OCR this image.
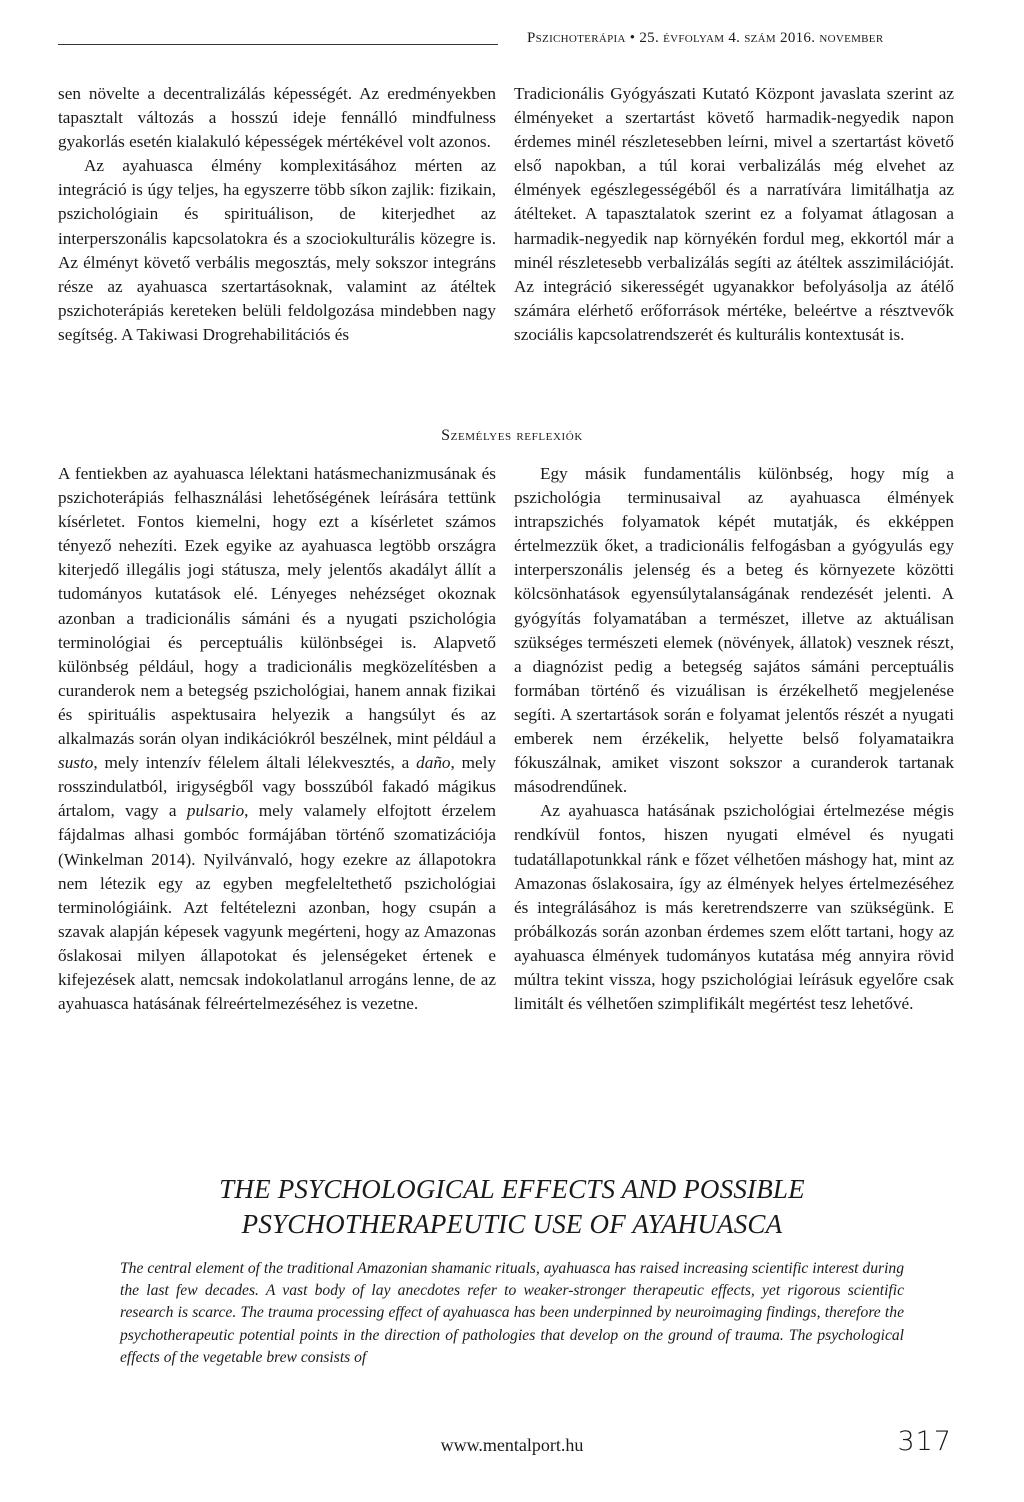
Pszichoterápia • 25. évfolyam 4. szám 2016. november

sen növelte a decentralizálás képességét. Az eredményekben tapasztalt változás a hosszú ideje fennálló mindfulness gyakorlás esetén kialakuló képességek mértékével volt azonos.

Az ayahuasca élmény komplexitásához mérten az integráció is úgy teljes, ha egyszerre több síkon zajlik: fizikain, pszichológiain és spirituálison, de kiterjedhet az interperszonális kapcsolatokra és a szociokulturális közegre is. Az élményt követő verbális megosztás, mely sokszor integráns része az ayahuasca szertartásoknak, valamint az átéltek pszichoterápiás kereteken belüli feldolgozása mindebben nagy segítség. A Takiwasi Drogrehabilitációs és

Tradicionális Gyógyászati Kutató Központ javaslata szerint az élményeket a szertartást követő harmadik-negyedik napon érdemes minél részletesebben leírni, mivel a szertartást követő első napokban, a túl korai verbalizálás még elvehet az élmények egészlegességéből és a narratívára limitálhatja az átélteket. A tapasztalatok szerint ez a folyamat átlagosan a harmadik-negyedik nap környékén fordul meg, ekkortól már a minél részletesebb verbalizálás segíti az átéltek asszimilációját. Az integráció sikerességét ugyanakkor befolyásolja az átélő számára elérhető erőforrások mértéke, beleértve a résztvevők szociális kapcsolatrendszerét és kulturális kontextusát is.

Személyes reflexiók

A fentiekben az ayahuasca lélektani hatásmechanizmusának és pszichoterápiás felhasználási lehetőségének leírására tettünk kísérletet. Fontos kiemelni, hogy ezt a kísérletet számos tényező nehezíti. Ezek egyike az ayahuasca legtöbb országra kiterjedő illegális jogi státusza, mely jelentős akadályt állít a tudományos kutatások elé. Lényeges nehézséget okoznak azonban a tradicionális sámáni és a nyugati pszichológia terminológiai és perceptuális különbségei is. Alapvető különbség például, hogy a tradicionális megközelítésben a curanderok nem a betegség pszichológiai, hanem annak fizikai és spirituális aspektusaira helyezik a hangsúlyt és az alkalmazás során olyan indikációkról beszélnek, mint például a susto, mely intenzív félelem általi lélekvesztés, a daño, mely rosszindulatból, irigységből vagy bosszúból fakadó mágikus ártalom, vagy a pulsario, mely valamely elfojtott érzelem fájdalmas alhasi gombóc formájában történő szomatizációja (Winkelman 2014). Nyilvánvaló, hogy ezekre az állapotokra nem létezik egy az egyben megfeleltethető pszichológiai terminológiáink. Azt feltételezni azonban, hogy csupán a szavak alapján képesek vagyunk megérteni, hogy az Amazonas őslakosai milyen állapotokat és jelenségeket értenek e kifejezések alatt, nemcsak indokolatlanul arrogáns lenne, de az ayahuasca hatásának félreértelmezéséhez is vezetne.

Egy másik fundamentális különbség, hogy míg a pszichológia terminusaival az ayahuasca élmények intrapszichés folyamatok képét mutatják, és ekképpen értelmezzük őket, a tradicionális felfogásban a gyógyulás egy interperszonális jelenség és a beteg és környezete közötti kölcsönhatások egyensúlytalanságának rendezését jelenti. A gyógyítás folyamatában a természet, illetve az aktuálisan szükséges természeti elemek (növények, állatok) vesznek részt, a diagnózist pedig a betegség sajátos sámáni perceptuális formában történő és vizuálisan is érzékelhető megjelenése segíti. A szertartások során e folyamat jelentős részét a nyugati emberek nem érzékelik, helyette belső folyamataikra fókuszálnak, amiket viszont sokszor a curanderok tartanak másodrendűnek.

Az ayahuasca hatásának pszichológiai értelmezése mégis rendkívül fontos, hiszen nyugati elmével és nyugati tudatállapotunkkal ránk e főzet vélhetően máshogy hat, mint az Amazonas őslakosaira, így az élmények helyes értelmezéséhez és integrálásához is más keretrendszerre van szükségünk. E próbálkozás során azonban érdemes szem előtt tartani, hogy az ayahuasca élmények tudományos kutatása még annyira rövid múltra tekint vissza, hogy pszichológiai leírásuk egyelőre csak limitált és vélhetően szimplifikált megértést tesz lehetővé.

THE PSYCHOLOGICAL EFFECTS AND POSSIBLE
PSYCHOTHERAPEUTIC USE OF AYAHUASCA
The central element of the traditional Amazonian shamanic rituals, ayahuasca has raised increasing scientific interest during the last few decades. A vast body of lay anecdotes refer to weaker-stronger therapeutic effects, yet rigorous scientific research is scarce. The trauma processing effect of ayahuasca has been underpinned by neuroimaging findings, therefore the psychotherapeutic potential points in the direction of pathologies that develop on the ground of trauma. The psychological effects of the vegetable brew consists of
www.mentalport.hu	317
